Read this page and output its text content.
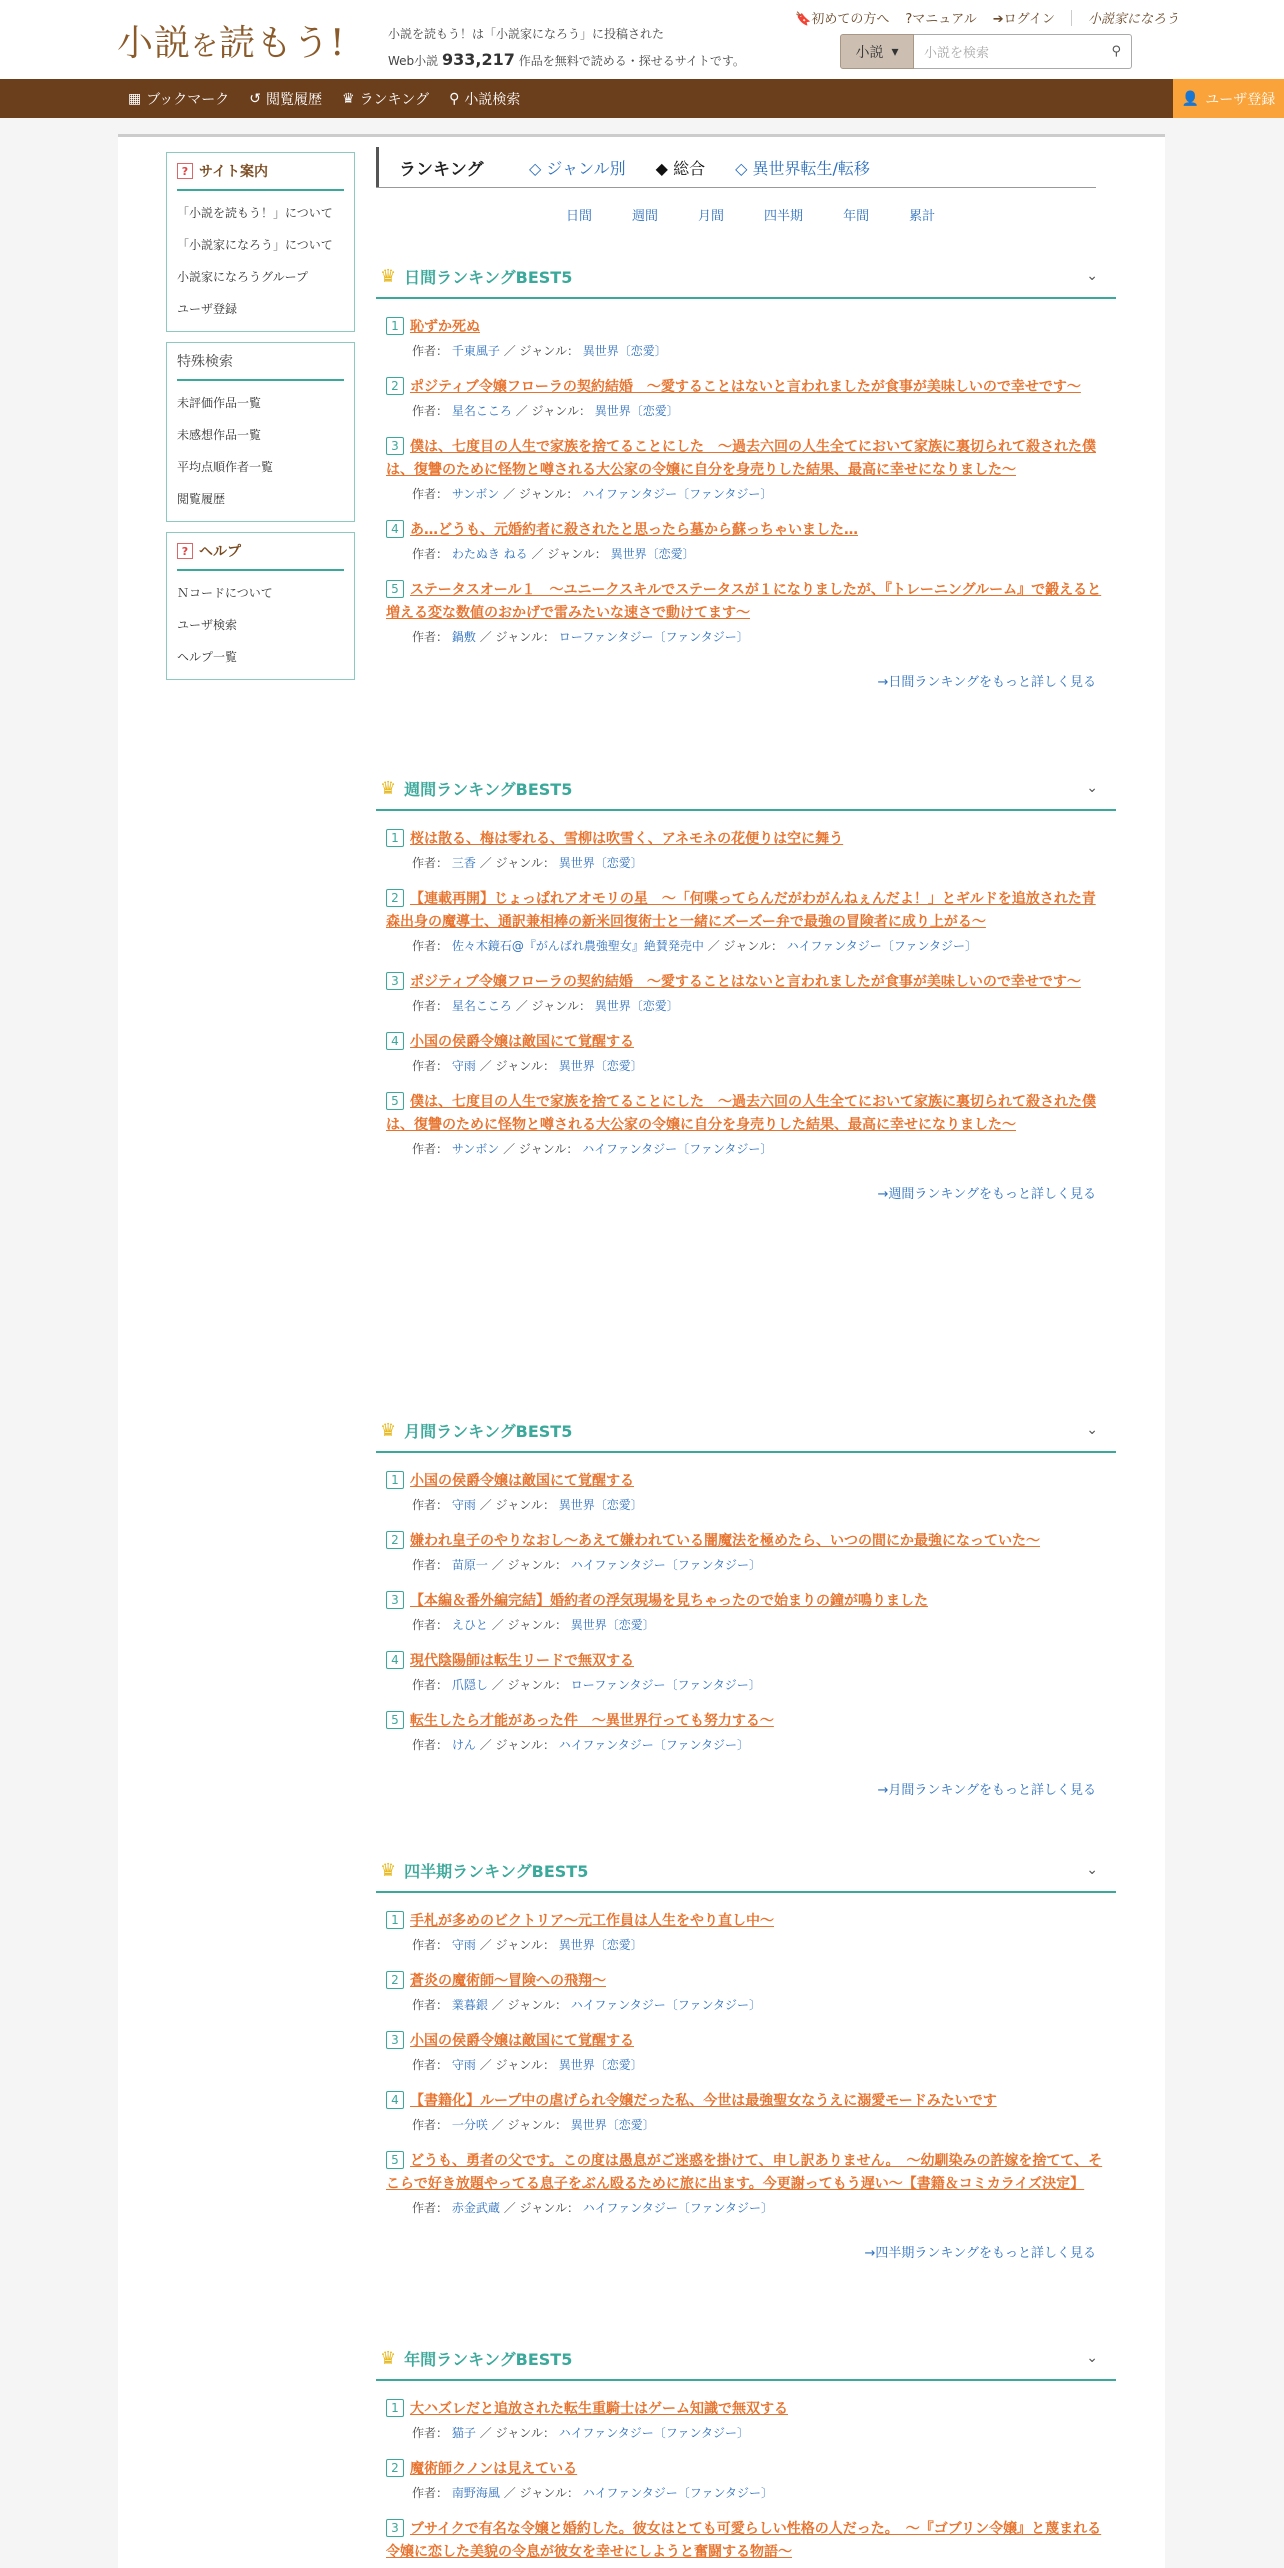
小説を読もう!	小説を読もう！は「小説家になろう」に投稿された
Web小説 933,217 作品を無料で読める・探せるサイトです。
🔖初めての方へ ?マニュアル ➔ログイン	小説家になろう
小説 ▾ 小説を検索	⚲
▦ ブックマーク ↺ 閲覧履歴 ♛ ランキング ⚲ 小説検索	👤 ユーザ登録
? サイト案内
「小説を読もう！」について
「小説家になろう」について
小説家になろうグループ
ユーザ登録
特殊検索
未評価作品一覧
未感想作品一覧
平均点順作者一覧
閲覧履歴
? ヘルプ
Ｎコードについて
ユーザ検索
ヘルプ一覧
ランキング	◇ ジャンル別 ◆ 総合 ◇ 異世界転生/転移
日間	週間	月間	四半期	年間	累計
♛ 日間ランキングBEST5	⌄
1 恥ずか死ぬ
作者： 千東風子 ／ ジャンル： 異世界〔恋愛〕
2 ポジティブ令嬢フローラの契約結婚　～愛することはないと言われましたが食事が美味しいので幸せです～
作者： 星名こころ ／ ジャンル： 異世界〔恋愛〕
3 僕は、七度目の人生で家族を捨てることにした　～過去六回の人生全てにおいて家族に裏切られて殺された僕は、復讐のために怪物と噂される大公家の令嬢に自分を身売りした結果、最高に幸せになりました～
作者： サンボン ／ ジャンル： ハイファンタジー〔ファンタジー〕
4 あ…どうも、元婚約者に殺されたと思ったら墓から蘇っちゃいました…
作者： わたぬき ねる ／ ジャンル： 異世界〔恋愛〕
5 ステータスオール１　～ユニークスキルでステータスが１になりましたが、『トレーニングルーム』で鍛えると増える変な数値のおかげで雷みたいな速さで動けてます～
作者： 鍋敷 ／ ジャンル： ローファンタジー〔ファンタジー〕
→日間ランキングをもっと詳しく見る
♛ 週間ランキングBEST5	⌄
1 桜は散る、梅は零れる、雪柳は吹雪く、アネモネの花便りは空に舞う
作者： 三香 ／ ジャンル： 異世界〔恋愛〕
2 【連載再開】じょっぱれアオモリの星　～「何喋ってらんだがわがんねぇんだよ！」とギルドを追放された青森出身の魔導士、通訳兼相棒の新米回復術士と一緒にズーズー弁で最強の冒険者に成り上がる～
作者： 佐々木鏡石@『がんばれ農強聖女』絶賛発売中 ／ ジャンル： ハイファンタジー〔ファンタジー〕
3 ポジティブ令嬢フローラの契約結婚　～愛することはないと言われましたが食事が美味しいので幸せです～
作者： 星名こころ ／ ジャンル： 異世界〔恋愛〕
4 小国の侯爵令嬢は敵国にて覚醒する
作者： 守雨 ／ ジャンル： 異世界〔恋愛〕
5 僕は、七度目の人生で家族を捨てることにした　～過去六回の人生全てにおいて家族に裏切られて殺された僕は、復讐のために怪物と噂される大公家の令嬢に自分を身売りした結果、最高に幸せになりました～
作者： サンボン ／ ジャンル： ハイファンタジー〔ファンタジー〕
→週間ランキングをもっと詳しく見る
♛ 月間ランキングBEST5	⌄
1 小国の侯爵令嬢は敵国にて覚醒する
作者： 守雨 ／ ジャンル： 異世界〔恋愛〕
2 嫌われ皇子のやりなおし～あえて嫌われている闇魔法を極めたら、いつの間にか最強になっていた～
作者： 苗原一 ／ ジャンル： ハイファンタジー〔ファンタジー〕
3 【本編＆番外編完結】婚約者の浮気現場を見ちゃったので始まりの鐘が鳴りました
作者： えひと ／ ジャンル： 異世界〔恋愛〕
4 現代陰陽師は転生リードで無双する
作者： 爪隠し ／ ジャンル： ローファンタジー〔ファンタジー〕
5 転生したら才能があった件　～異世界行っても努力する～
作者： けん ／ ジャンル： ハイファンタジー〔ファンタジー〕
→月間ランキングをもっと詳しく見る
♛ 四半期ランキングBEST5	⌄
1 手札が多めのビクトリア～元工作員は人生をやり直し中～
作者： 守雨 ／ ジャンル： 異世界〔恋愛〕
2 蒼炎の魔術師～冒険への飛翔～
作者： 業暮銀 ／ ジャンル： ハイファンタジー〔ファンタジー〕
3 小国の侯爵令嬢は敵国にて覚醒する
作者： 守雨 ／ ジャンル： 異世界〔恋愛〕
4 【書籍化】ループ中の虐げられ令嬢だった私、今世は最強聖女なうえに溺愛モードみたいです
作者： 一分咲 ／ ジャンル： 異世界〔恋愛〕
5 どうも、勇者の父です。この度は愚息がご迷惑を掛けて、申し訳ありません。　～幼馴染みの許嫁を捨てて、そこらで好き放題やってる息子をぶん殴るために旅に出ます。今更謝ってもう遅い～【書籍＆コミカライズ決定】
作者： 赤金武蔵 ／ ジャンル： ハイファンタジー〔ファンタジー〕
→四半期ランキングをもっと詳しく見る
♛ 年間ランキングBEST5	⌄
1 大ハズレだと追放された転生重騎士はゲーム知識で無双する
作者： 猫子 ／ ジャンル： ハイファンタジー〔ファンタジー〕
2 魔術師クノンは見えている
作者： 南野海風 ／ ジャンル： ハイファンタジー〔ファンタジー〕
3 ブサイクで有名な令嬢と婚約した。彼女はとても可愛らしい性格の人だった。　～『ゴブリン令嬢』と蔑まれる令嬢に恋した美貌の令息が彼女を幸せにしようと奮闘する物語～
